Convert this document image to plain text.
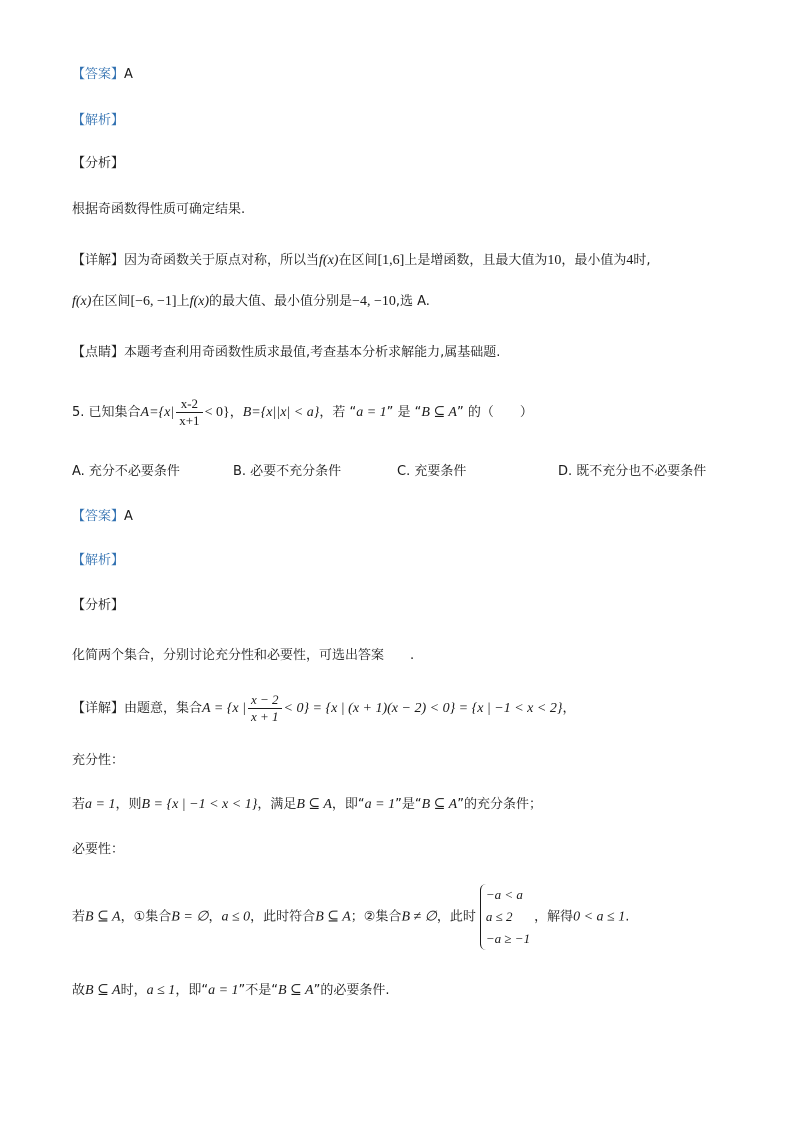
【答案】A
【解析】
【分析】
根据奇函数得性质可确定结果.
【详解】因为奇函数关于原点对称，所以当f(x)在区间[1,6]上是增函数，且最大值为10，最小值为4时,
f(x)在区间[−6, −1]上f(x)的最大值、最小值分别是−4, −10,选 A.
【点睛】本题考查利用奇函数性质求最值,考查基本分析求解能力,属基础题.
5. 已知集合$A=\{x| \frac{x-2}{x+1} < 0\}$，B={x||x| < a}，若 “a = 1” 是 “B ⊆ A” 的（　　）
A. 充分不必要条件	B. 必要不充分条件	C. 充要条件	D. 既不充分也不必要条件
【答案】A
【解析】
【分析】
化简两个集合，分别讨论充分性和必要性，可选出答案　　.
【详解】由题意，集合A = {x | $\frac{x - 2}{x + 1} < 0\} = \{x$ | (x + 1)(x − 2) < 0} = {x | −1 < x < 2}，
充分性：
若a = 1，则B = {x | −1 < x < 1}，满足B ⊆ A，即“a = 1”是“B ⊆ A”的充分条件；
必要性：
若B ⊆ A，①集合B = ∅，a ≤ 0，此时符合B ⊆ A；②集合B ≠ ∅，此时
−a < a
a ≤ 2
−a ≥ −1
，解得0 < a ≤ 1.
故B ⊆ A时，a ≤ 1，即“a = 1”不是“B ⊆ A”的必要条件.
